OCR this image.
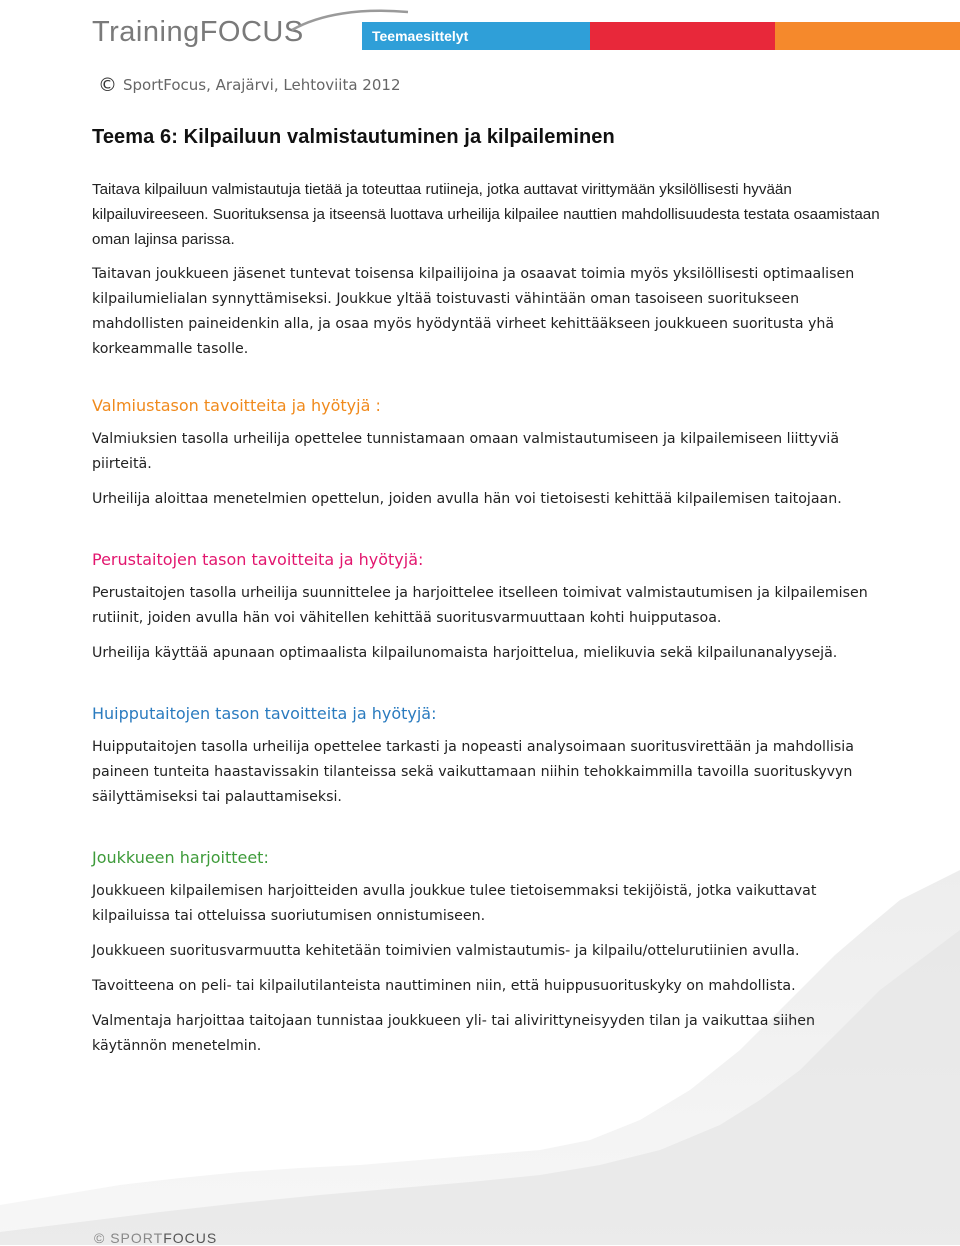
TrainingFOCUS	Teemaesittelyt
© SportFocus, Arajärvi, Lehtoviita 2012
Teema 6: Kilpailuun valmistautuminen ja kilpaileminen

Taitava kilpailuun valmistautuja tietää ja toteuttaa rutiineja, jotka auttavat virittymään yksilöllisesti hyvään kilpailuvireeseen. Suorituksensa ja itseensä luottava urheilija kilpailee nauttien mahdollisuudesta testata osaamistaan oman lajinsa parissa.

Taitavan joukkueen jäsenet tuntevat toisensa kilpailijoina ja osaavat toimia myös yksilöllisesti optimaalisen kilpailumielialan synnyttämiseksi. Joukkue yltää toistuvasti vähintään oman tasoiseen suoritukseen mahdollisten paineidenkin alla, ja osaa myös hyödyntää virheet kehittääkseen joukkueen suoritusta yhä korkeammalle tasolle.

Valmiustason tavoitteita ja hyötyjä :

Valmiuksien tasolla urheilija opettelee tunnistamaan omaan valmistautumiseen ja kilpailemiseen liittyviä piirteitä.

Urheilija aloittaa menetelmien opettelun, joiden avulla hän voi tietoisesti kehittää kilpailemisen taitojaan.

Perustaitojen tason tavoitteita ja hyötyjä:

Perustaitojen tasolla urheilija suunnittelee ja harjoittelee itselleen toimivat valmistautumisen ja kilpailemisen rutiinit, joiden avulla hän voi vähitellen kehittää suoritusvarmuuttaan kohti huipputasoa.

Urheilija käyttää apunaan optimaalista kilpailunomaista harjoittelua, mielikuvia sekä kilpailunanalyysejä.

Huipputaitojen tason tavoitteita ja hyötyjä:

Huipputaitojen tasolla urheilija opettelee tarkasti ja nopeasti analysoimaan suoritusvirettään ja mahdollisia paineen tunteita haastavissakin tilanteissa sekä vaikuttamaan niihin tehokkaimmilla tavoilla suorituskyvyn säilyttämiseksi tai palauttamiseksi.

Joukkueen harjoitteet:

Joukkueen kilpailemisen harjoitteiden avulla joukkue tulee tietoisemmaksi tekijöistä, jotka vaikuttavat kilpailuissa tai otteluissa suoriutumisen onnistumiseen.

Joukkueen suoritusvarmuutta kehitetään toimivien valmistautumis- ja kilpailu/ottelurutiinien avulla.

Tavoitteena on peli- tai kilpailutilanteista nauttiminen niin, että huippusuorituskyky on mahdollista.

Valmentaja harjoittaa taitojaan tunnistaa joukkueen yli- tai alivirittyneisyyden tilan ja vaikuttaa siihen käytännön menetelmin.

© SPORTFOCUS
